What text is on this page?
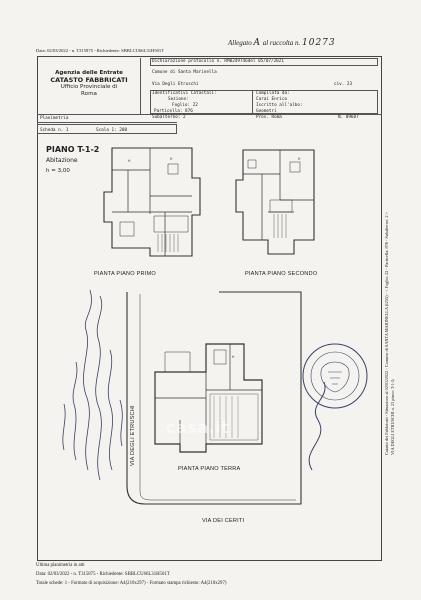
Data: 02/03/2022 - n. T315875 - Richiedente: SBBLCU66L31H501T
Allegato A al raccolta n. 10273
Agenzia delle Entrate
CATASTO FABBRICATI
Ufficio Provinciale di
Roma
Dichiarazione protocollo n. RM0249746del 05/07/2021
Comune di Santa Marinella
Via Degli Etruschi	civ. 23
Identificativi Catastali:
Sezione:
Foglio: 22
Particella: 876
Subalterno: 2
Compilata da:
Carai Enrico
Iscritto all'albo:
Geometri
Prov. Roma	N. 09607
Planimetria
Scheda n. 1	Scala 1: 200
PIANO T-1-2
Abitazione
h = 3,00
H	H	H
H
PIANTA PIANO PRIMO	PIANTA PIANO SECONDO
PIANTA PIANO TERRA
VIA DEI CERITI
VIA DEGLI ETRUSCHI casa.it	Catasto dei Fabbricati - Situazione al 02/03/2022 - Comune di SANTA MARINELLA (I255) - < Foglio: 22 - Particella: 876 - Subalterno: 2 > VIA DEGLI ETRUSCHI n. 23 piano: T-1-2;
Ultima planimetria in atti
Data: 02/03/2022 - n. T315875 - Richiedente: SBBLCU66L31H501T
Totale schede: 1 - Formato di acquisizione: A4(210x297) - Formato stampa richiesto: A4(210x297)
